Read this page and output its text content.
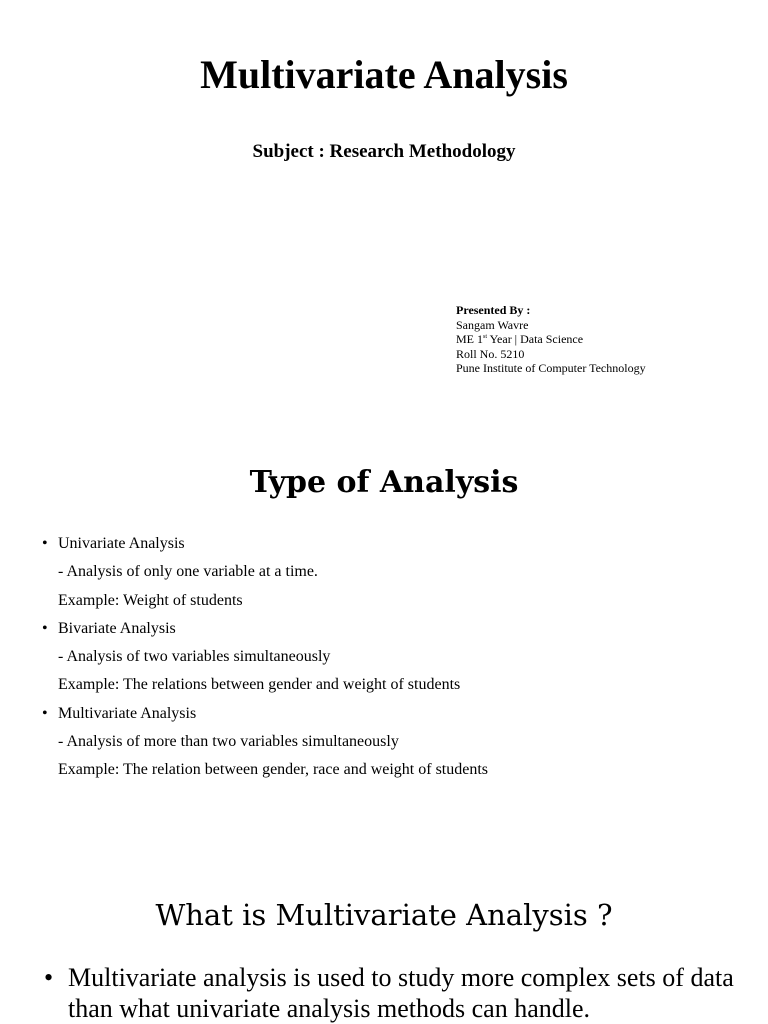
Multivariate Analysis
Subject : Research Methodology
Presented By :
Sangam Wavre
ME 1st Year | Data Science
Roll No. 5210
Pune Institute of Computer Technology
Type of Analysis
• Univariate Analysis
- Analysis of only one variable at a time.
Example: Weight of students
• Bivariate Analysis
- Analysis of two variables simultaneously
Example: The relations between gender and weight of students
• Multivariate Analysis
- Analysis of more than two variables simultaneously
Example: The relation between gender, race and weight of students
What is Multivariate Analysis ?
• Multivariate analysis is used to study more complex sets of data than what univariate analysis methods can handle.
